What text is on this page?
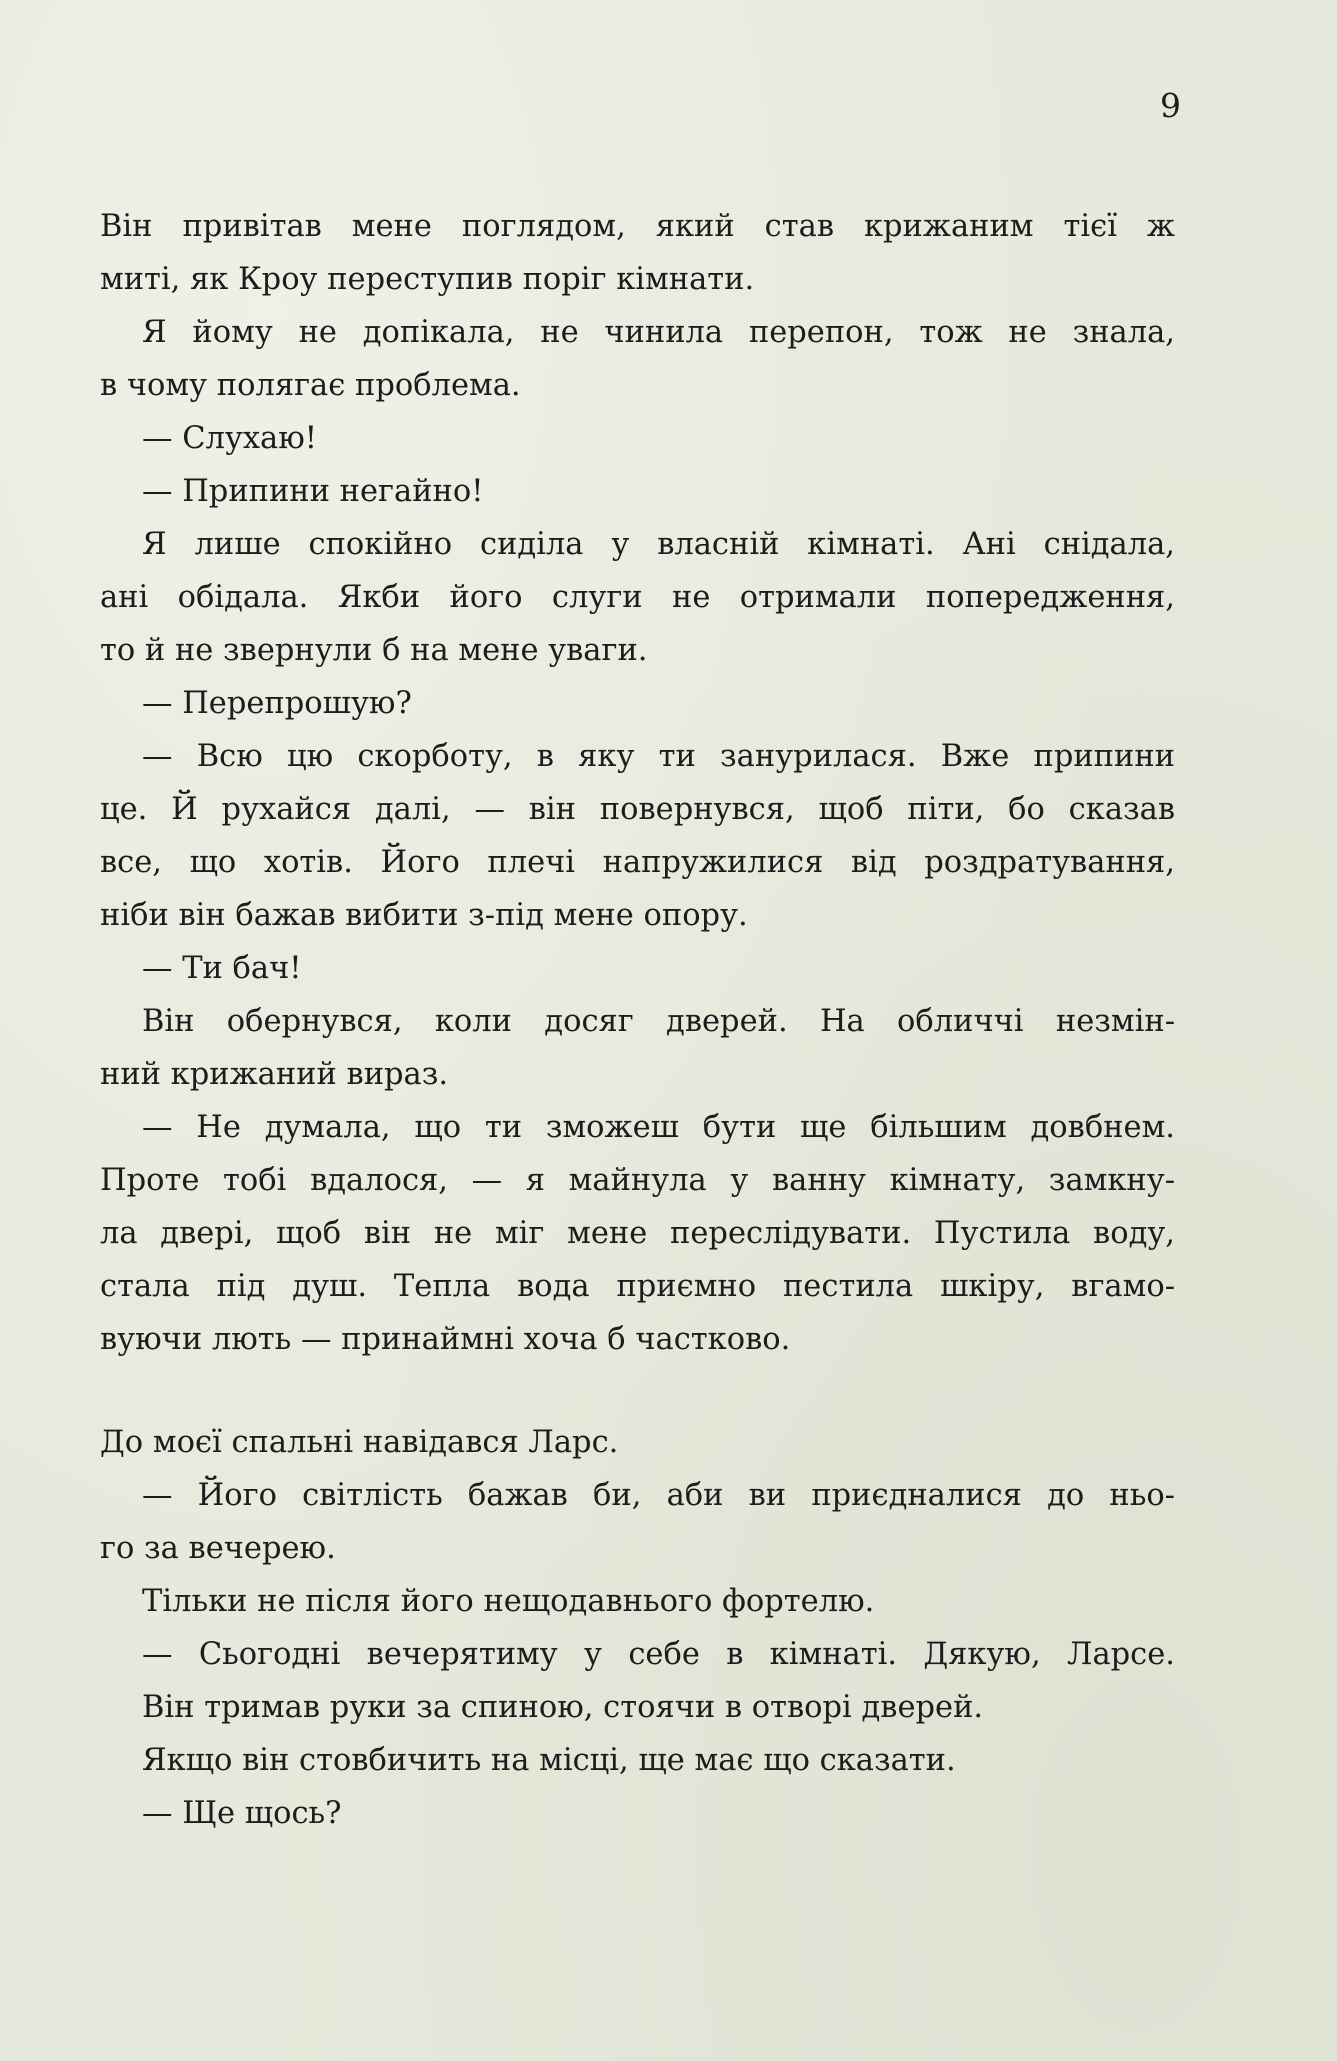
9
Він привітав мене поглядом, який став крижаним тієї ж
миті, як Кроу переступив поріг кімнати.
Я йому не допікала, не чинила перепон, тож не знала,
в чому полягає проблема.
— Слухаю!
— Припини негайно!
Я лише спокійно сиділа у власній кімнаті. Ані снідала,
ані обідала. Якби його слуги не отримали попередження,
то й не звернули б на мене уваги.
— Перепрошую?
— Всю цю скорботу, в яку ти занурилася. Вже припини
це. Й рухайся далі, — він повернувся, щоб піти, бо сказав
все, що хотів. Його плечі напружилися від роздратування,
ніби він бажав вибити з-під мене опору.
— Ти бач!
Він обернувся, коли досяг дверей. На обличчі незмін-
ний крижаний вираз.
— Не думала, що ти зможеш бути ще більшим довбнем.
Проте тобі вдалося, — я майнула у ванну кімнату, замкну-
ла двері, щоб він не міг мене переслідувати. Пустила воду,
стала під душ. Тепла вода приємно пестила шкіру, вгамо-
вуючи лють — принаймні хоча б частково.
До моєї спальні навідався Ларс.
— Його світлість бажав би, аби ви приєдналися до ньо-
го за вечерею.
Тільки не після його нещодавнього фортелю.
— Сьогодні вечерятиму у себе в кімнаті. Дякую, Ларсе.
Він тримав руки за спиною, стоячи в отворі дверей.
Якщо він стовбичить на місці, ще має що сказати.
— Ще щось?
